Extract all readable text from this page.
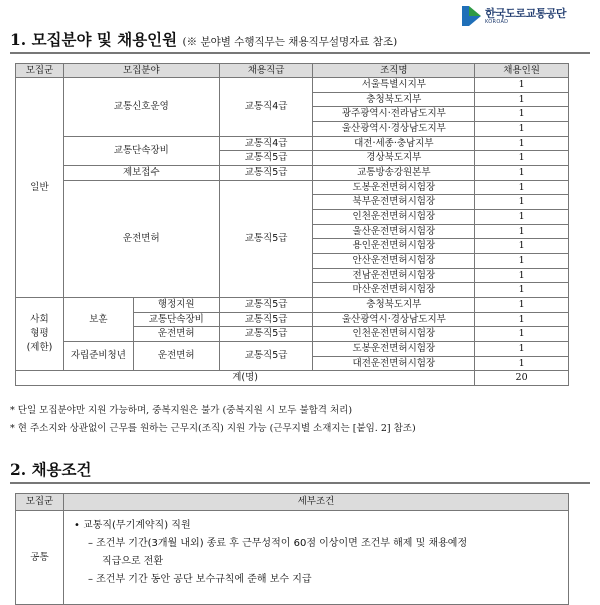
한국도로교통공단
KOROAD
1. 모집분야 및 채용인원 (※ 분야별 수행직무는 채용직무설명자료 참조)
모집군	모집분야		채용직급	조직명	채용인원
일반	교통신호운영		교통직4급	서울특별시지부	1
				충청북도지부	1
				광주광역시·전라남도지부	1
				울산광역시·경상남도지부	1
	교통단속장비		교통직4급	대전·세종·충남지부	1
			교통직5급	경상북도지부	1
	제보접수		교통직5급	교통방송강원본부	1
	운전면허		교통직5급	도봉운전면허시험장	1
				북부운전면허시험장	1
				인천운전면허시험장	1
				울산운전면허시험장	1
				용인운전면허시험장	1
				안산운전면허시험장	1
				전남운전면허시험장	1
				마산운전면허시험장	1
사회
형평
(제한)	보훈	행정지원	교통직5급	충청북도지부	1
		교통단속장비	교통직5급	울산광역시·경상남도지부	1
		운전면허	교통직5급	인천운전면허시험장	1
	자립준비청년	운전면허	교통직5급	도봉운전면허시험장	1
				대전운전면허시험장	1
계(명)					20
* 단일 모집분야만 지원 가능하며, 중복지원은 불가 (중복지원 시 모두 불합격 처리)
* 현 주소지와 상관없이 근무를 원하는 근무지(조직) 지원 가능 (근무지별 소재지는 [붙임. 2] 참조)
2. 채용조건
모집군	세부조건
공통	• 교통직(무기계약직) 직원
– 조건부 기간(3개월 내외) 종료 후 근무성적이 60점 이상이면 조건부 해제 및 채용예정
직급으로 전환
– 조건부 기간 동안 공단 보수규칙에 준해 보수 지급
